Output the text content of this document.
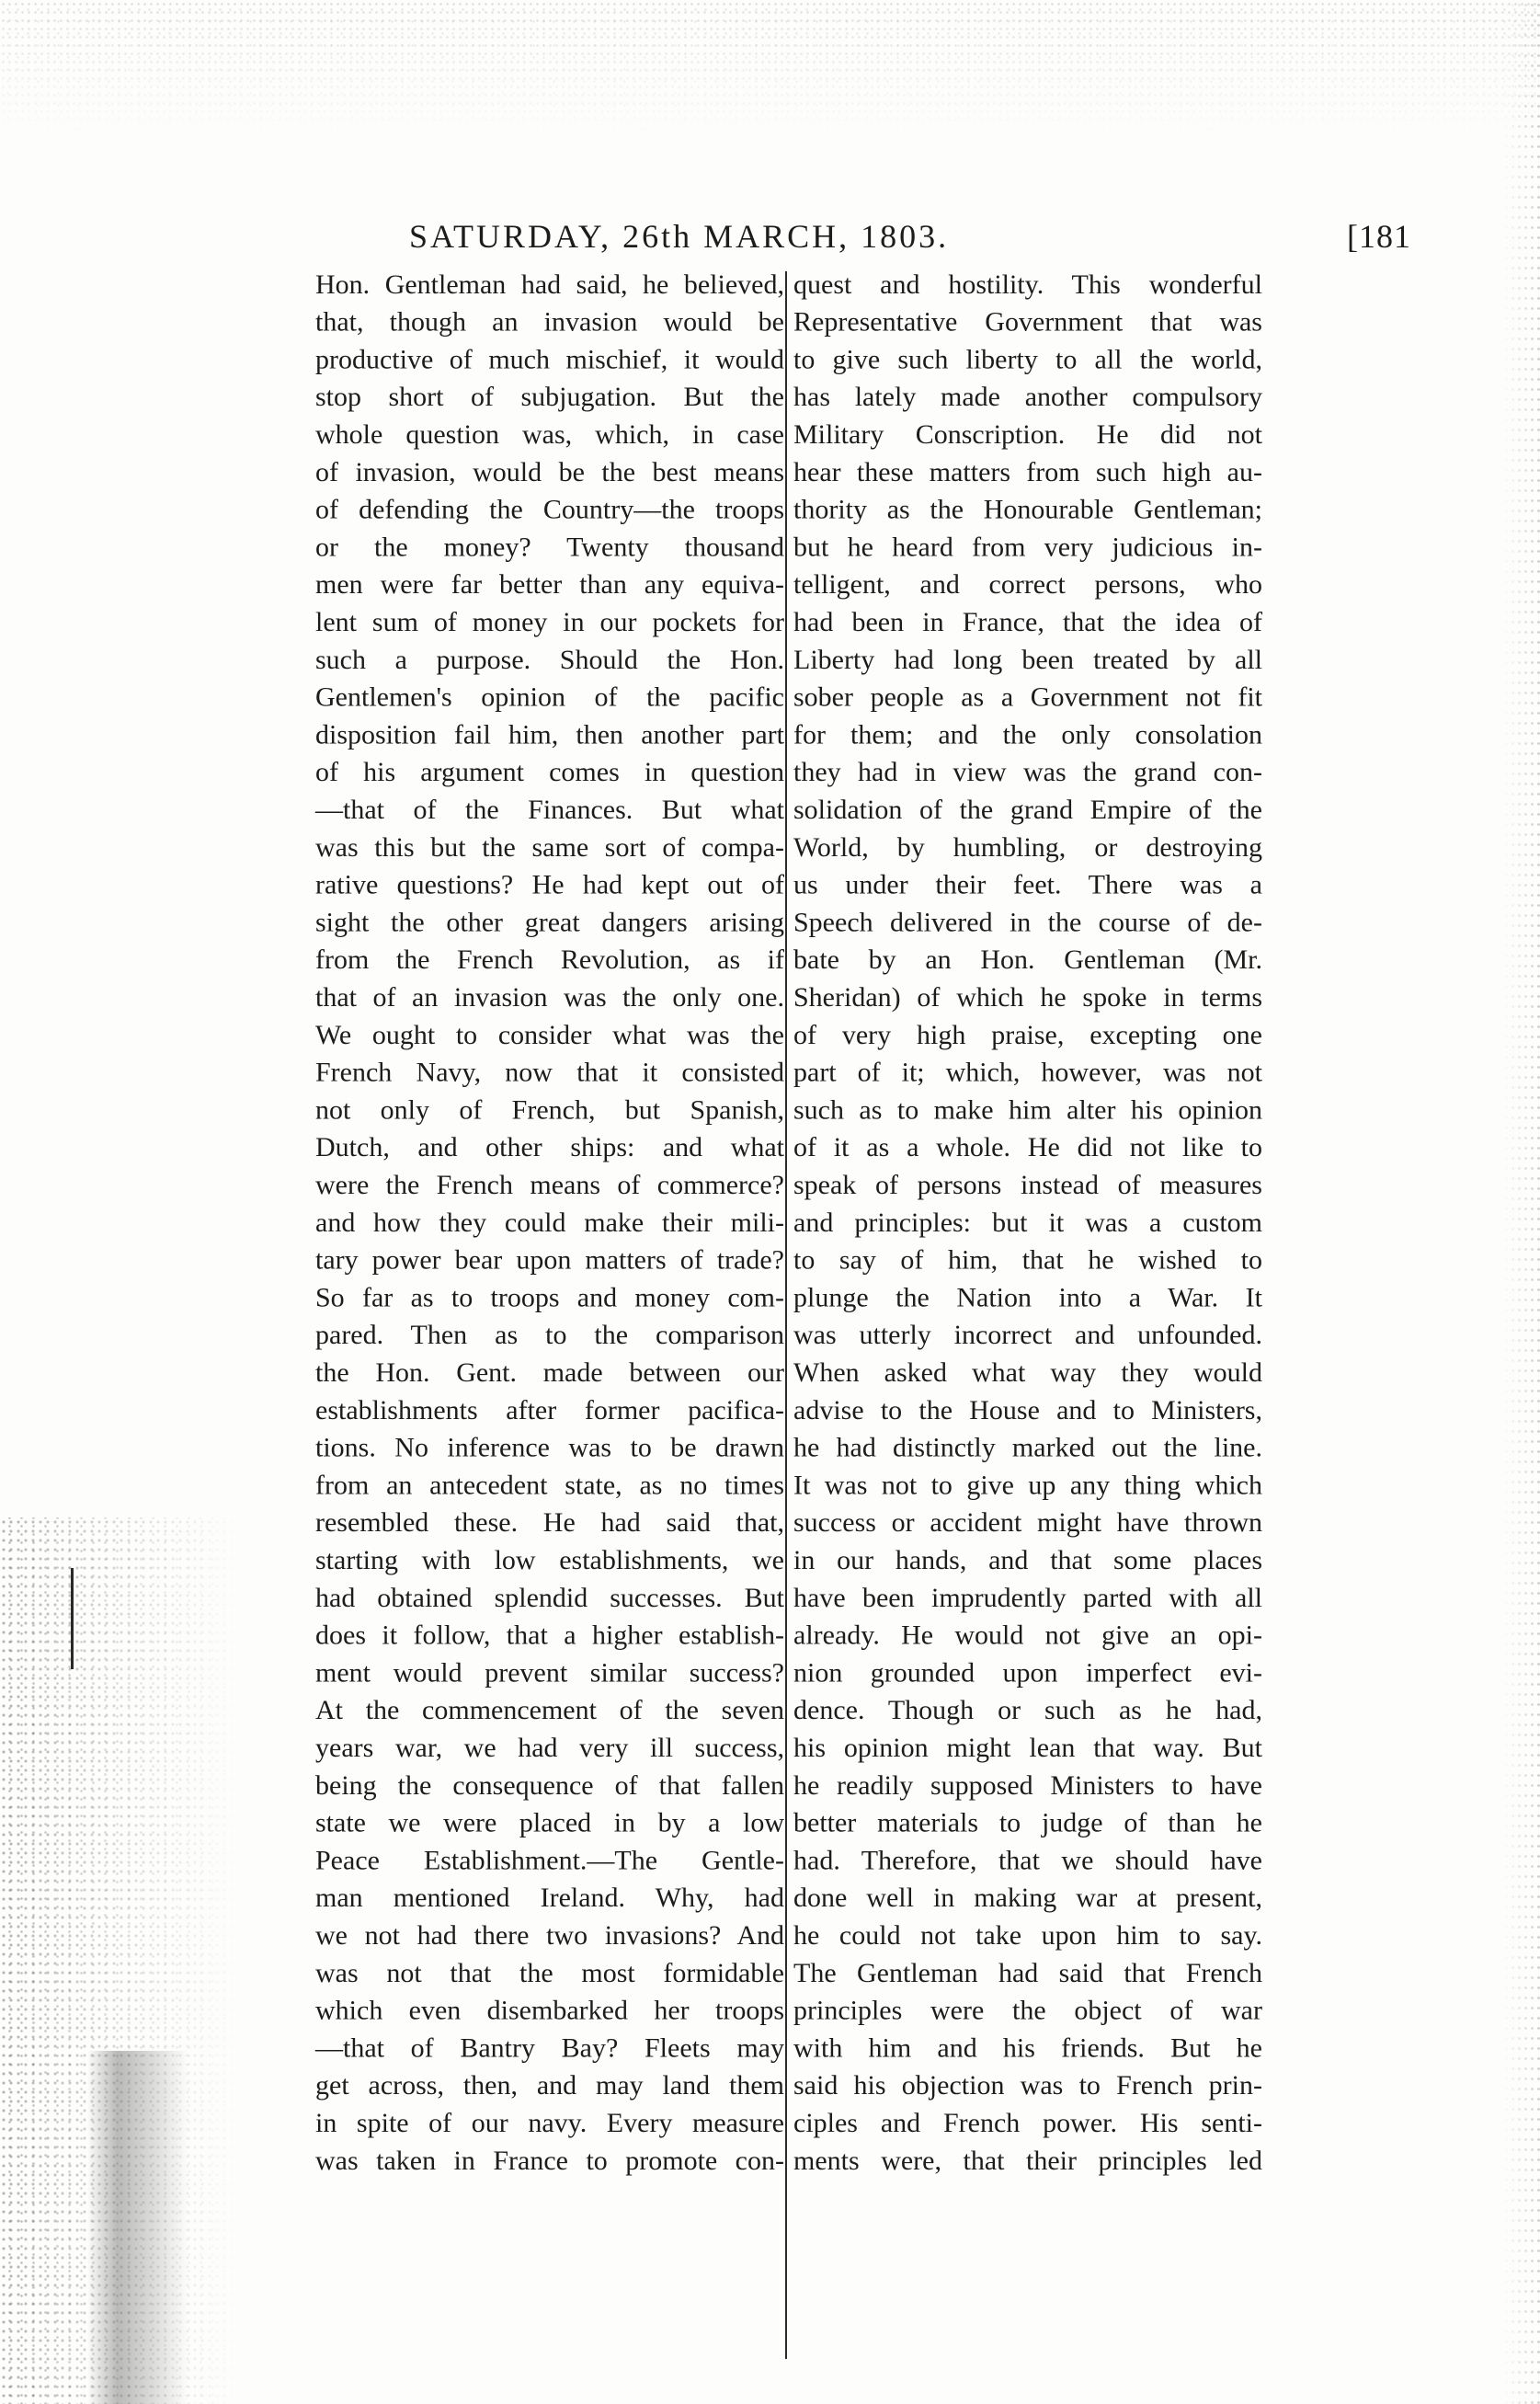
SATURDAY, 26th MARCH, 1803.	[181

Hon. Gentleman had said, he believed,
that, though an invasion would be
productive of much mischief, it would
stop short of subjugation. But the
whole question was, which, in case
of invasion, would be the best means
of defending the Country—the troops
or the money? Twenty thousand
men were far better than any equiva-
lent sum of money in our pockets for
such a purpose. Should the Hon.
Gentlemen's opinion of the pacific
disposition fail him, then another part
of his argument comes in question
—that of the Finances. But what
was this but the same sort of compa-
rative questions? He had kept out of
sight the other great dangers arising
from the French Revolution, as if
that of an invasion was the only one.
We ought to consider what was the
French Navy, now that it consisted
not only of French, but Spanish,
Dutch, and other ships: and what
were the French means of commerce?
and how they could make their mili-
tary power bear upon matters of trade?
So far as to troops and money com-
pared. Then as to the comparison
the Hon. Gent. made between our
establishments after former pacifica-
tions. No inference was to be drawn
from an antecedent state, as no times
resembled these. He had said that,
starting with low establishments, we
had obtained splendid successes. But
does it follow, that a higher establish-
ment would prevent similar success?
At the commencement of the seven
years war, we had very ill success,
being the consequence of that fallen
state we were placed in by a low
Peace Establishment.—The Gentle-
man mentioned Ireland. Why, had
we not had there two invasions? And
was not that the most formidable
which even disembarked her troops
—that of Bantry Bay? Fleets may
get across, then, and may land them
in spite of our navy. Every measure
was taken in France to promote con-

quest and hostility. This wonderful
Representative Government that was
to give such liberty to all the world,
has lately made another compulsory
Military Conscription. He did not
hear these matters from such high au-
thority as the Honourable Gentleman;
but he heard from very judicious in-
telligent, and correct persons, who
had been in France, that the idea of
Liberty had long been treated by all
sober people as a Government not fit
for them; and the only consolation
they had in view was the grand con-
solidation of the grand Empire of the
World, by humbling, or destroying
us under their feet. There was a
Speech delivered in the course of de-
bate by an Hon. Gentleman (Mr.
Sheridan) of which he spoke in terms
of very high praise, excepting one
part of it; which, however, was not
such as to make him alter his opinion
of it as a whole. He did not like to
speak of persons instead of measures
and principles: but it was a custom
to say of him, that he wished to
plunge the Nation into a War. It
was utterly incorrect and unfounded.
When asked what way they would
advise to the House and to Ministers,
he had distinctly marked out the line.
It was not to give up any thing which
success or accident might have thrown
in our hands, and that some places
have been imprudently parted with all
already. He would not give an opi-
nion grounded upon imperfect evi-
dence. Though or such as he had,
his opinion might lean that way. But
he readily supposed Ministers to have
better materials to judge of than he
had. Therefore, that we should have
done well in making war at present,
he could not take upon him to say.
The Gentleman had said that French
principles were the object of war
with him and his friends. But he
said his objection was to French prin-
ciples and French power. His senti-
ments were, that their principles led
